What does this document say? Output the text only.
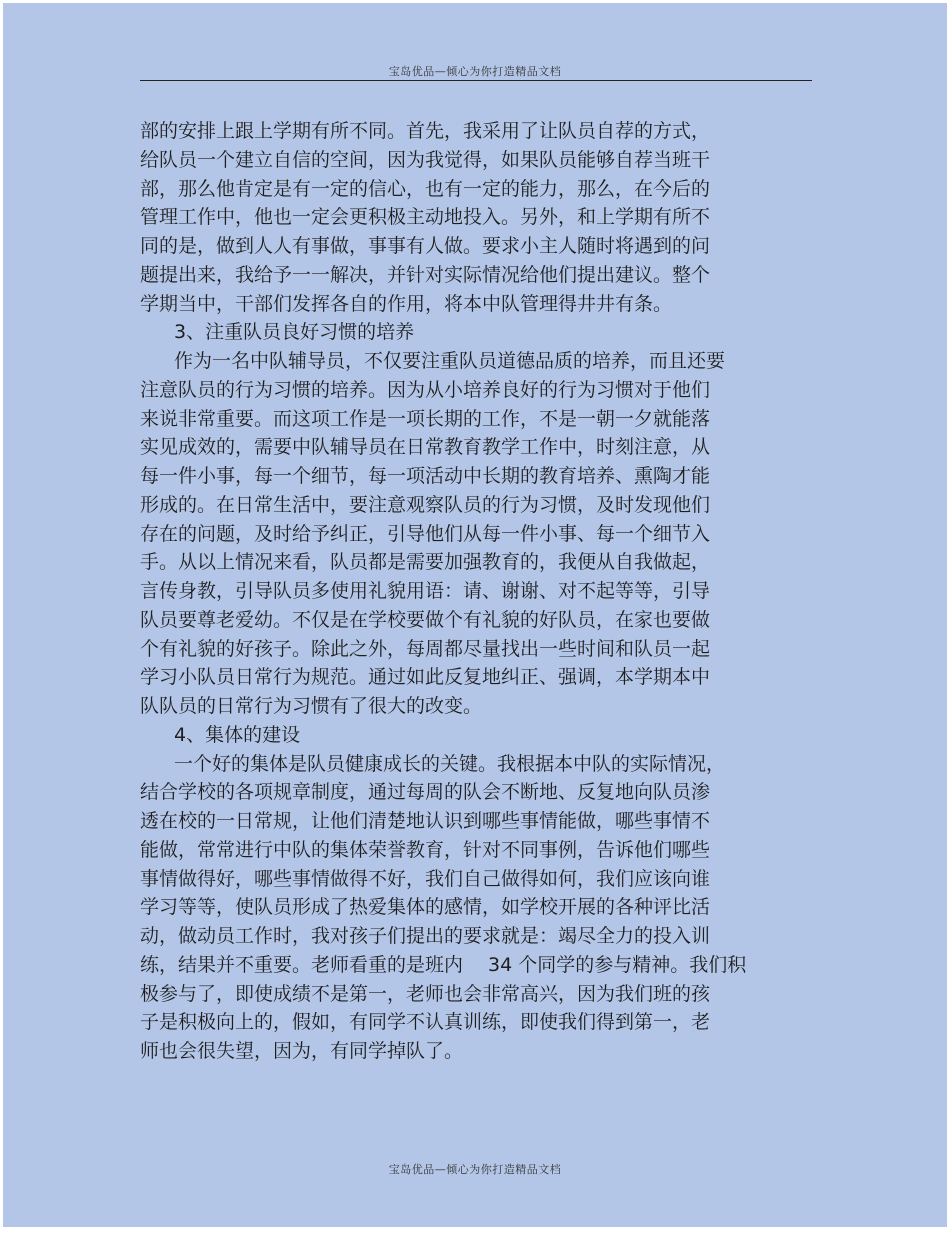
宝岛优品—倾心为你打造精品文档
部的安排上跟上学期有所不同。首先，我采用了让队员自荐的方式，
给队员一个建立自信的空间，因为我觉得，如果队员能够自荐当班干
部，那么他肯定是有一定的信心，也有一定的能力，那么，在今后的
管理工作中，他也一定会更积极主动地投入。另外，和上学期有所不
同的是，做到人人有事做，事事有人做。要求小主人随时将遇到的问
题提出来，我给予一一解决，并针对实际情况给他们提出建议。整个
学期当中，干部们发挥各自的作用，将本中队管理得井井有条。
3、注重队员良好习惯的培养
作为一名中队辅导员，不仅要注重队员道德品质的培养，而且还要
注意队员的行为习惯的培养。因为从小培养良好的行为习惯对于他们
来说非常重要。而这项工作是一项长期的工作，不是一朝一夕就能落
实见成效的，需要中队辅导员在日常教育教学工作中，时刻注意，从
每一件小事，每一个细节，每一项活动中长期的教育培养、熏陶才能
形成的。在日常生活中，要注意观察队员的行为习惯，及时发现他们
存在的问题，及时给予纠正，引导他们从每一件小事、每一个细节入
手。从以上情况来看，队员都是需要加强教育的，我便从自我做起，
言传身教，引导队员多使用礼貌用语：请、谢谢、对不起等等，引导
队员要尊老爱幼。不仅是在学校要做个有礼貌的好队员，在家也要做
个有礼貌的好孩子。除此之外，每周都尽量找出一些时间和队员一起
学习小队员日常行为规范。通过如此反复地纠正、强调，本学期本中
队队员的日常行为习惯有了很大的改变。
4、集体的建设
一个好的集体是队员健康成长的关键。我根据本中队的实际情况，
结合学校的各项规章制度，通过每周的队会不断地、反复地向队员渗
透在校的一日常规，让他们清楚地认识到哪些事情能做，哪些事情不
能做，常常进行中队的集体荣誉教育，针对不同事例，告诉他们哪些
事情做得好，哪些事情做得不好，我们自己做得如何，我们应该向谁
学习等等，使队员形成了热爱集体的感情，如学校开展的各种评比活
动，做动员工作时，我对孩子们提出的要求就是：竭尽全力的投入训
练，结果并不重要。老师看重的是班内　 34 个同学的参与精神。我们积
极参与了，即使成绩不是第一，老师也会非常高兴，因为我们班的孩
子是积极向上的，假如，有同学不认真训练，即使我们得到第一，老
师也会很失望，因为，有同学掉队了。
宝岛优品—倾心为你打造精品文档
